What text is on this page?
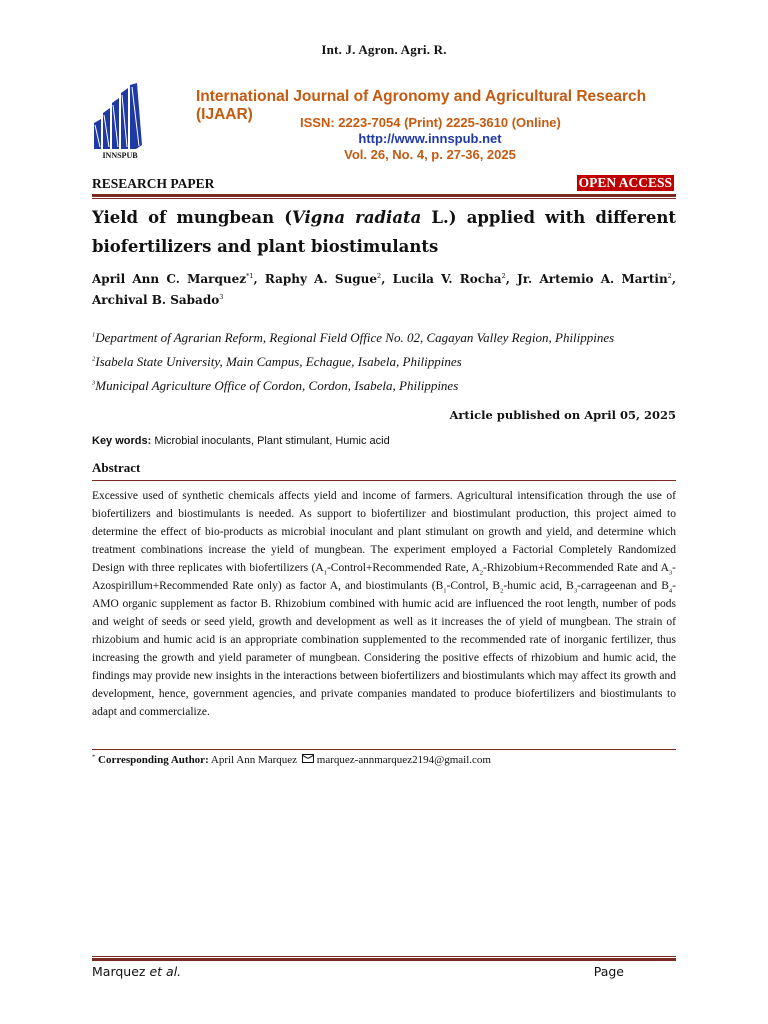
Int. J. Agron. Agri. R.
INNSPUB
International Journal of Agronomy and Agricultural Research (IJAAR)	ISSN: 2223-7054 (Print) 2225-3610 (Online)
http://www.innspub.net
Vol. 26, No. 4, p. 27-36, 2025
RESEARCH PAPER	OPEN ACCESS
Yield of mungbean (Vigna radiata L.) applied with different biofertilizers and plant biostimulants
April Ann C. Marquez$^{*1}$, Raphy A. Sugue$^2$, Lucila V. Rocha$^2$, Jr. Artemio A. Martin$^2$, Archival B. Sabado$^3$
$^1$Department of Agrarian Reform, Regional Field Office No. 02, Cagayan Valley Region, Philippines
$^2$Isabela State University, Main Campus, Echague, Isabela, Philippines
$^3$Municipal Agriculture Office of Cordon, Cordon, Isabela, Philippines
Article published on April 05, 2025
Key words: Microbial inoculants, Plant stimulant, Humic acid
Abstract
Excessive used of synthetic chemicals affects yield and income of farmers. Agricultural intensification through the use of biofertilizers and biostimulants is needed. As support to biofertilizer and biostimulant production, this project aimed to determine the effect of bio-products as microbial inoculant and plant stimulant on growth and yield, and determine which treatment combinations increase the yield of mungbean. The experiment employed a Factorial Completely Randomized Design with three replicates with biofertilizers ($A_1-Control+Recommended$ Rate, $A_2-Rhizobium+Recommended$ Rate and $A_3-Azospirillum+Recommended$ Rate only) as factor A, and biostimulants ($B_1$-Control, $B_2$-humic acid, $B_3$-carrageenan and $B_4$-AMO organic supplement as factor B. Rhizobium combined with humic acid are influenced the root length, number of pods and weight of seeds or seed yield, growth and development as well as it increases the of yield of mungbean. The strain of rhizobium and humic acid is an appropriate combination supplemented to the recommended rate of inorganic fertilizer, thus increasing the growth and yield parameter of mungbean. Considering the positive effects of rhizobium and humic acid, the findings may provide new insights in the interactions between biofertilizers and biostimulants which may affect its growth and development, hence, government agencies, and private companies mandated to produce biofertilizers and biostimulants to adapt and commercialize.
* Corresponding Author: April Ann Marquez marquez-annmarquez2194@gmail.com
Marquez et al.	Page
